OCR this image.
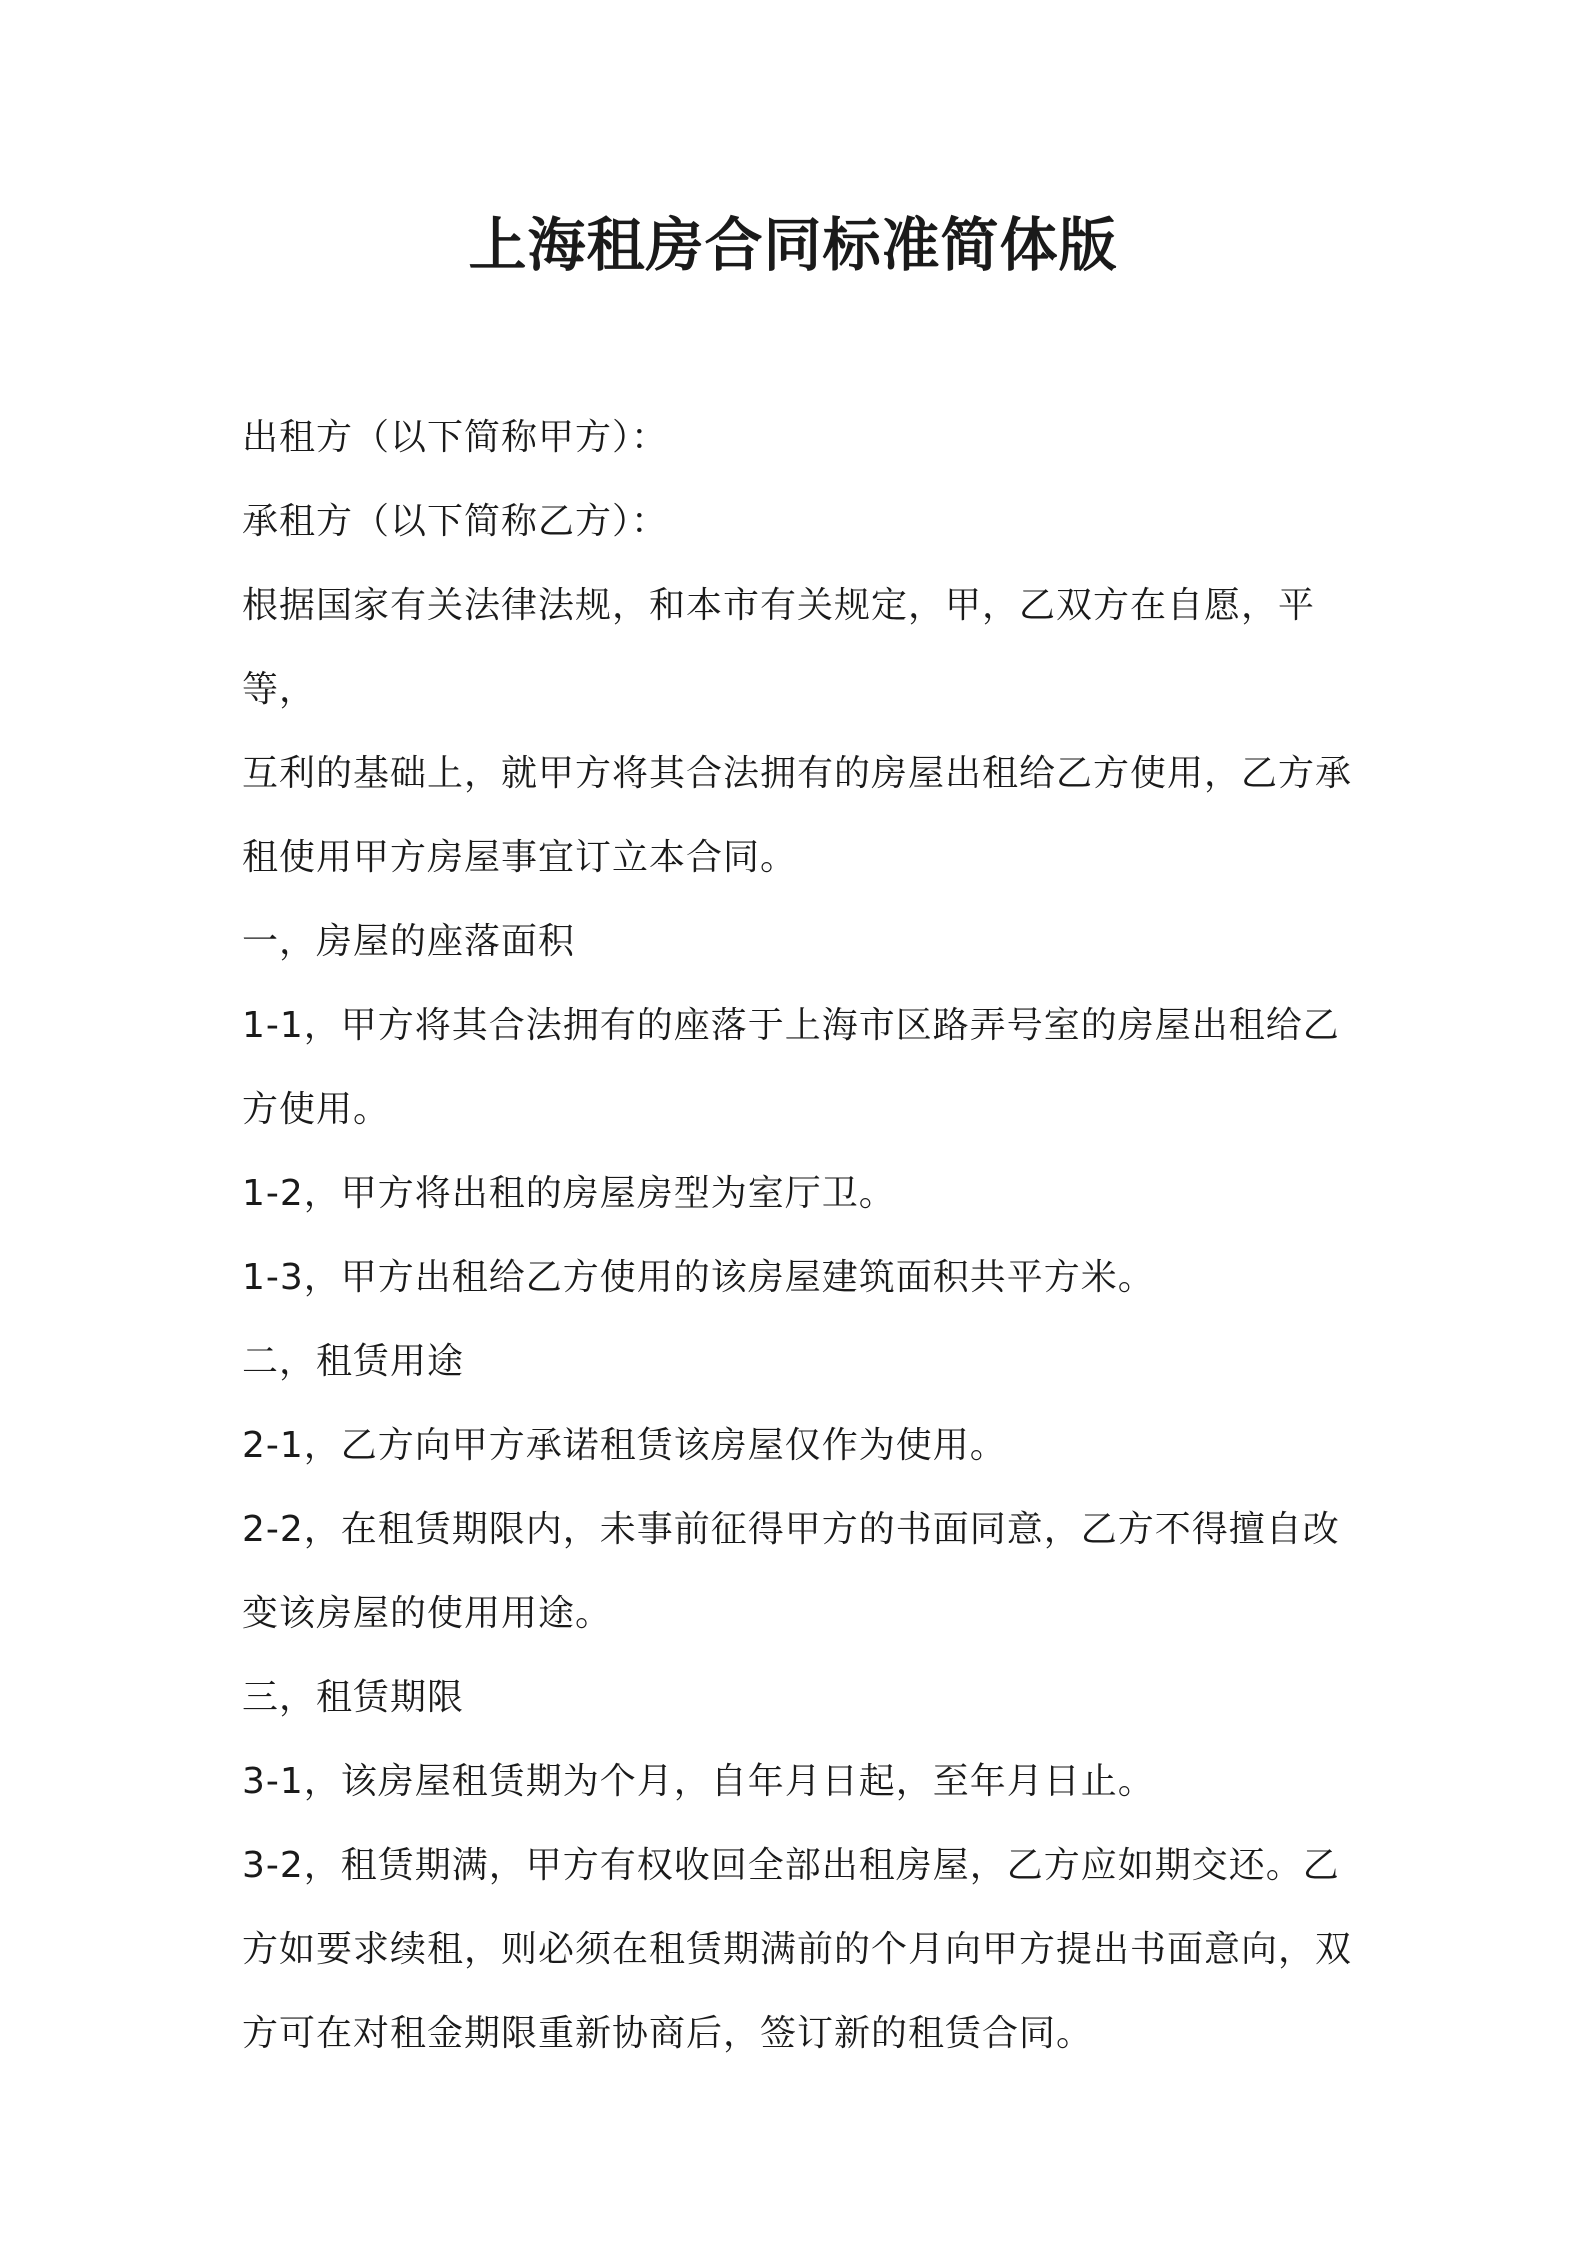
上海租房合同标准简体版

出租方（以下简称甲方）：

承租方（以下简称乙方）：

根据国家有关法律法规，和本市有关规定，甲，乙双方在自愿，平等，

互利的基础上，就甲方将其合法拥有的房屋出租给乙方使用，乙方承

租使用甲方房屋事宜订立本合同。

一，房屋的座落面积

1-1，甲方将其合法拥有的座落于上海市区路弄号室的房屋出租给乙

方使用。

1-2，甲方将出租的房屋房型为室厅卫。

1-3，甲方出租给乙方使用的该房屋建筑面积共平方米。

二，租赁用途

2-1，乙方向甲方承诺租赁该房屋仅作为使用。

2-2，在租赁期限内，未事前征得甲方的书面同意，乙方不得擅自改

变该房屋的使用用途。

三，租赁期限

3-1，该房屋租赁期为个月，自年月日起，至年月日止。

3-2，租赁期满，甲方有权收回全部出租房屋，乙方应如期交还。乙

方如要求续租，则必须在租赁期满前的个月向甲方提出书面意向，双

方可在对租金期限重新协商后，签订新的租赁合同。
